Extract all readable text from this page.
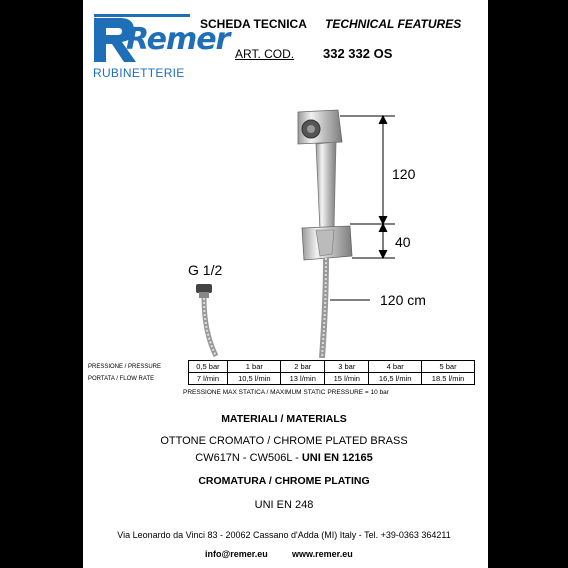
Remer
RUBINETTERIE
SCHEDA TECNICA TECHNICAL FEATURES
ART. COD. 332 332 OS
120
40
120 cm
G 1/2
PRESSIONE / PRESSURE	0,5 bar	1 bar	2 bar	3 bar	4 bar	5 bar
PORTATA / FLOW RATE	7 l/min	10,5 l/min	13 l/min	15 l/min	16,5 l/min	18.5 l/min
PRESSIONE MAX STATICA / MAXIMUM STATIC PRESSURE = 10 bar
MATERIALI / MATERIALS
OTTONE CROMATO / CHROME PLATED BRASS
CW617N - CW506L - UNI EN 12165
CROMATURA / CHROME PLATING
UNI EN 248
Via Leonardo da Vinci 83 - 20062 Cassano d'Adda (MI) Italy - Tel. +39-0363 364211
info@remer.eu	www.remer.eu
